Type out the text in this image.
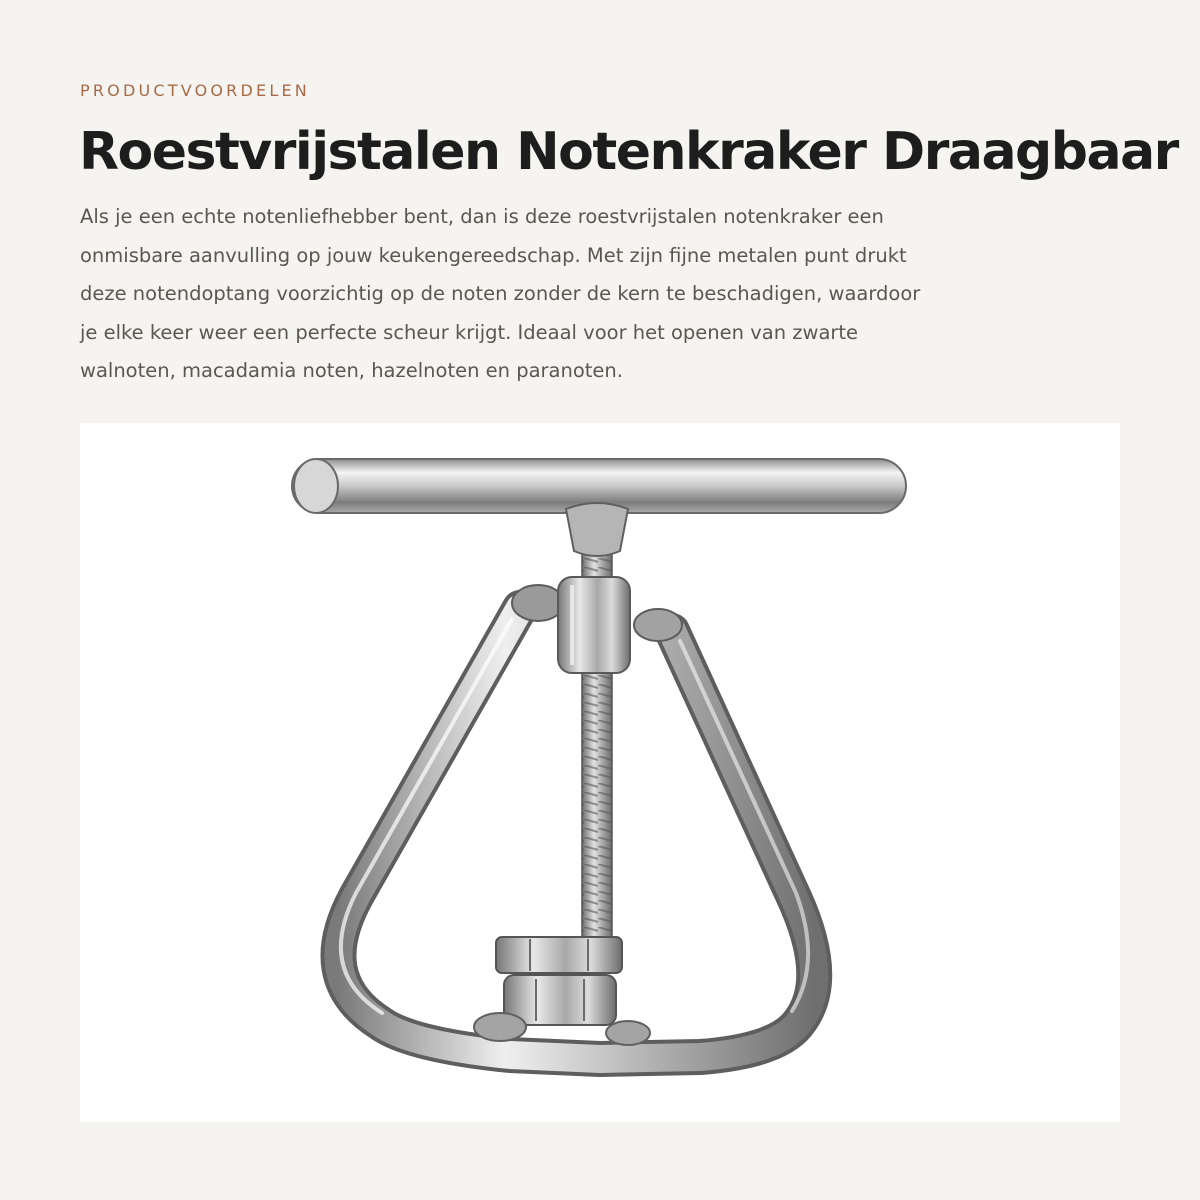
PRODUCTVOORDELEN
Roestvrijstalen Notenkraker Draagbaar

Als je een echte notenliefhebber bent, dan is deze roestvrijstalen notenkraker een
onmisbare aanvulling op jouw keukengereedschap. Met zijn fijne metalen punt drukt
deze notendoptang voorzichtig op de noten zonder de kern te beschadigen, waardoor
je elke keer weer een perfecte scheur krijgt. Ideaal voor het openen van zwarte
walnoten, macadamia noten, hazelnoten en paranoten.
